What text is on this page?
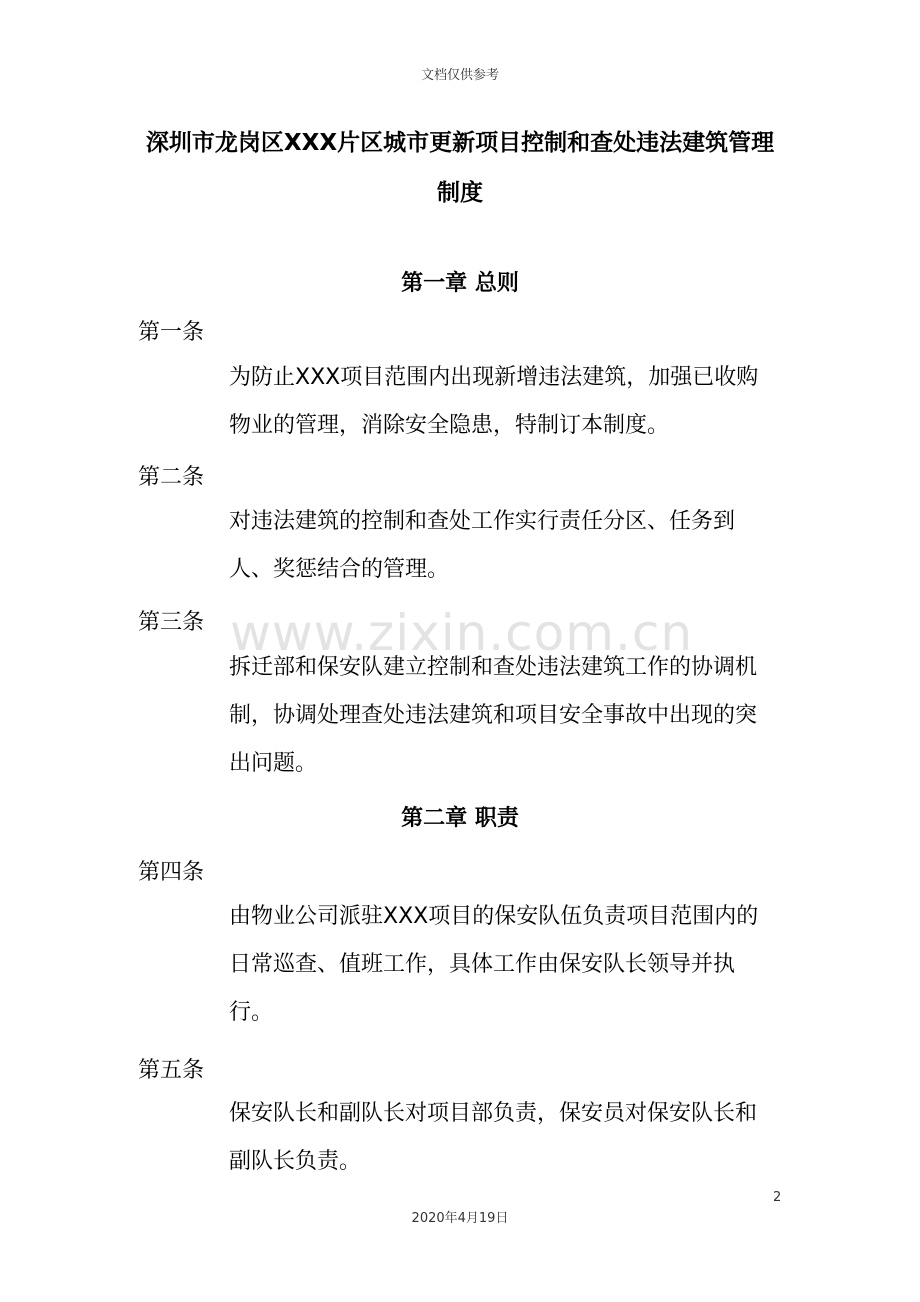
文档仅供参考
深圳市龙岗区XXX片区城市更新项目控制和查处违法建筑管理制度
第一章 总则
第一条
为防止XXX项目范围内出现新增违法建筑，加强已收购物业的管理，消除安全隐患，特制订本制度。
第二条
对违法建筑的控制和查处工作实行责任分区、任务到人、奖惩结合的管理。
www.zixin.com.cn
第三条
拆迁部和保安队建立控制和查处违法建筑工作的协调机制，协调处理查处违法建筑和项目安全事故中出现的突出问题。
第二章 职责
第四条
由物业公司派驻XXX项目的保安队伍负责项目范围内的日常巡查、值班工作，具体工作由保安队长领导并执行。
第五条
保安队长和副队长对项目部负责，保安员对保安队长和副队长负责。
2
2020年4月19日
